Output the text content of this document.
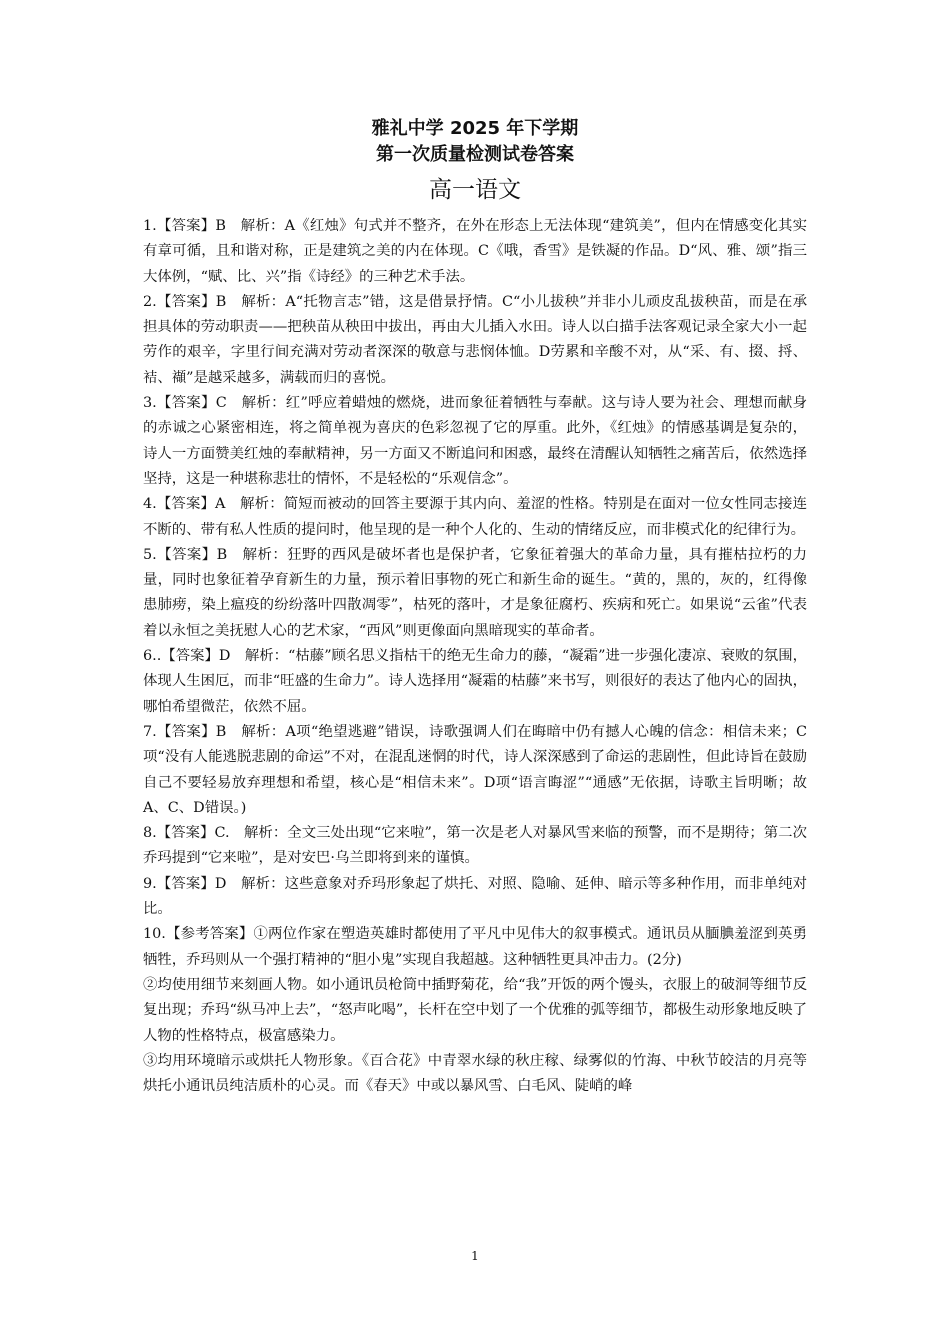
雅礼中学 2025 年下学期
第一次质量检测试卷答案
高一语文

1.【答案】B　解析：A《红烛》句式并不整齐，在外在形态上无法体现“建筑美”，但内在情感变化其实有章可循，且和谐对称，正是建筑之美的内在体现。C《哦，香雪》是铁凝的作品。D“风、雅、颂”指三大体例，“赋、比、兴”指《诗经》的三种艺术手法。

2.【答案】B　解析：A“托物言志”错，这是借景抒情。C“小儿拔秧”并非小儿顽皮乱拔秧苗，而是在承担具体的劳动职责——把秧苗从秧田中拔出，再由大儿插入水田。诗人以白描手法客观记录全家大小一起劳作的艰辛，字里行间充满对劳动者深深的敬意与悲悯体恤。D劳累和辛酸不对，从“采、有、掇、捋、袺、襭”是越采越多，满载而归的喜悦。

3.【答案】C　解析：红”呼应着蜡烛的燃烧，进而象征着牺牲与奉献。这与诗人要为社会、理想而献身的赤诚之心紧密相连，将之简单视为喜庆的色彩忽视了它的厚重。此外，《红烛》的情感基调是复杂的，诗人一方面赞美红烛的奉献精神，另一方面又不断追问和困惑，最终在清醒认知牺牲之痛苦后，依然选择坚持，这是一种堪称悲壮的情怀，不是轻松的“乐观信念”。

4.【答案】A　解析：简短而被动的回答主要源于其内向、羞涩的性格。特别是在面对一位女性同志接连不断的、带有私人性质的提问时，他呈现的是一种个人化的、生动的情绪反应，而非模式化的纪律行为。

5.【答案】B　解析：狂野的西风是破坏者也是保护者，它象征着强大的革命力量，具有摧枯拉朽的力量，同时也象征着孕育新生的力量，预示着旧事物的死亡和新生命的诞生。“黄的，黑的，灰的，红得像患肺痨，染上瘟疫的纷纷落叶四散凋零”，枯死的落叶，才是象征腐朽、疾病和死亡。如果说“云雀”代表着以永恒之美抚慰人心的艺术家，“西风”则更像面向黑暗现实的革命者。

6..【答案】D　解析：“枯藤”顾名思义指枯干的绝无生命力的藤，“凝霜”进一步强化凄凉、衰败的氛围，体现人生困厄，而非“旺盛的生命力”。诗人选择用“凝霜的枯藤”来书写，则很好的表达了他内心的固执，哪怕希望微茫，依然不屈。

7.【答案】B　解析：A项“绝望逃避”错误，诗歌强调人们在晦暗中仍有撼人心魄的信念：相信未来；C项“没有人能逃脱悲剧的命运”不对，在混乱迷惘的时代，诗人深深感到了命运的悲剧性，但此诗旨在鼓励自己不要轻易放弃理想和希望，核心是“相信未来”。D项“语言晦涩”“通感”无依据，诗歌主旨明晰；故A、C、D错误。)

8.【答案】C.　解析：全文三处出现“它来啦”，第一次是老人对暴风雪来临的预警，而不是期待；第二次乔玛提到“它来啦”，是对安巴·乌兰即将到来的谨慎。

9.【答案】D　解析：这些意象对乔玛形象起了烘托、对照、隐喻、延伸、暗示等多种作用，而非单纯对比。

10.【参考答案】①两位作家在塑造英雄时都使用了平凡中见伟大的叙事模式。通讯员从腼腆羞涩到英勇牺牲，乔玛则从一个强打精神的“胆小鬼”实现自我超越。这种牺牲更具冲击力。(2分)

②均使用细节来刻画人物。如小通讯员枪筒中插野菊花，给“我”开饭的两个馒头，衣服上的破洞等细节反复出现；乔玛“纵马冲上去”，“怒声叱喝”，长杆在空中划了一个优雅的弧等细节，都极生动形象地反映了人物的性格特点，极富感染力。

③均用环境暗示或烘托人物形象。《百合花》中青翠水绿的秋庄稼、绿雾似的竹海、中秋节皎洁的月亮等烘托小通讯员纯洁质朴的心灵。而《春天》中或以暴风雪、白毛风、陡峭的峰

1
